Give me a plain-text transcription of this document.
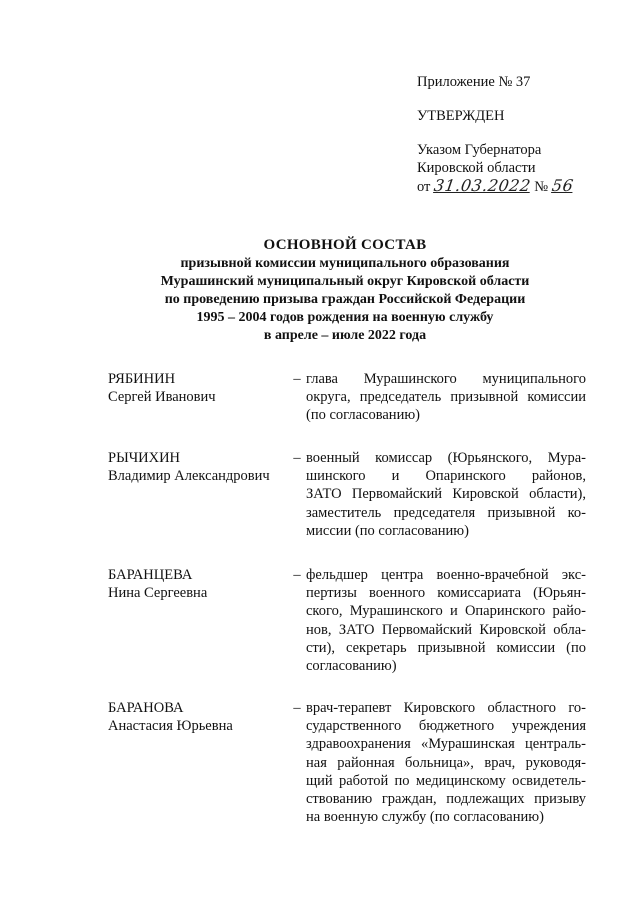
Приложение № 37
УТВЕРЖДЕН
Указом Губернатора
Кировской области
от 31.03.2022 № 56
ОСНОВНОЙ СОСТАВ
призывной комиссии муниципального образования
Мурашинский муниципальный округ Кировской области
по проведению призыва граждан Российской Федерации
1995 – 2004 годов рождения на военную службу
в апреле – июле 2022 года
РЯБИНИН
Сергей Иванович
– глава Мурашинского муниципального
округа, председатель призывной комиссии
(по согласованию)
РЫЧИХИН
Владимир Александрович
– военный комиссар (Юрьянского, Мура-
шинского и Опаринского районов,
ЗАТО Первомайский Кировской области),
заместитель председателя призывной ко-
миссии (по согласованию)
БАРАНЦЕВА
Нина Сергеевна
– фельдшер центра военно-врачебной экс-
пертизы военного комиссариата (Юрьян-
ского, Мурашинского и Опаринского райо-
нов, ЗАТО Первомайский Кировской обла-
сти), секретарь призывной комиссии (по
согласованию)
БАРАНОВА
Анастасия Юрьевна
– врач-терапевт Кировского областного го-
сударственного бюджетного учреждения
здравоохранения «Мурашинская централь-
ная районная больница», врач, руководя-
щий работой по медицинскому освидетель-
ствованию граждан, подлежащих призыву
на военную службу (по согласованию)
